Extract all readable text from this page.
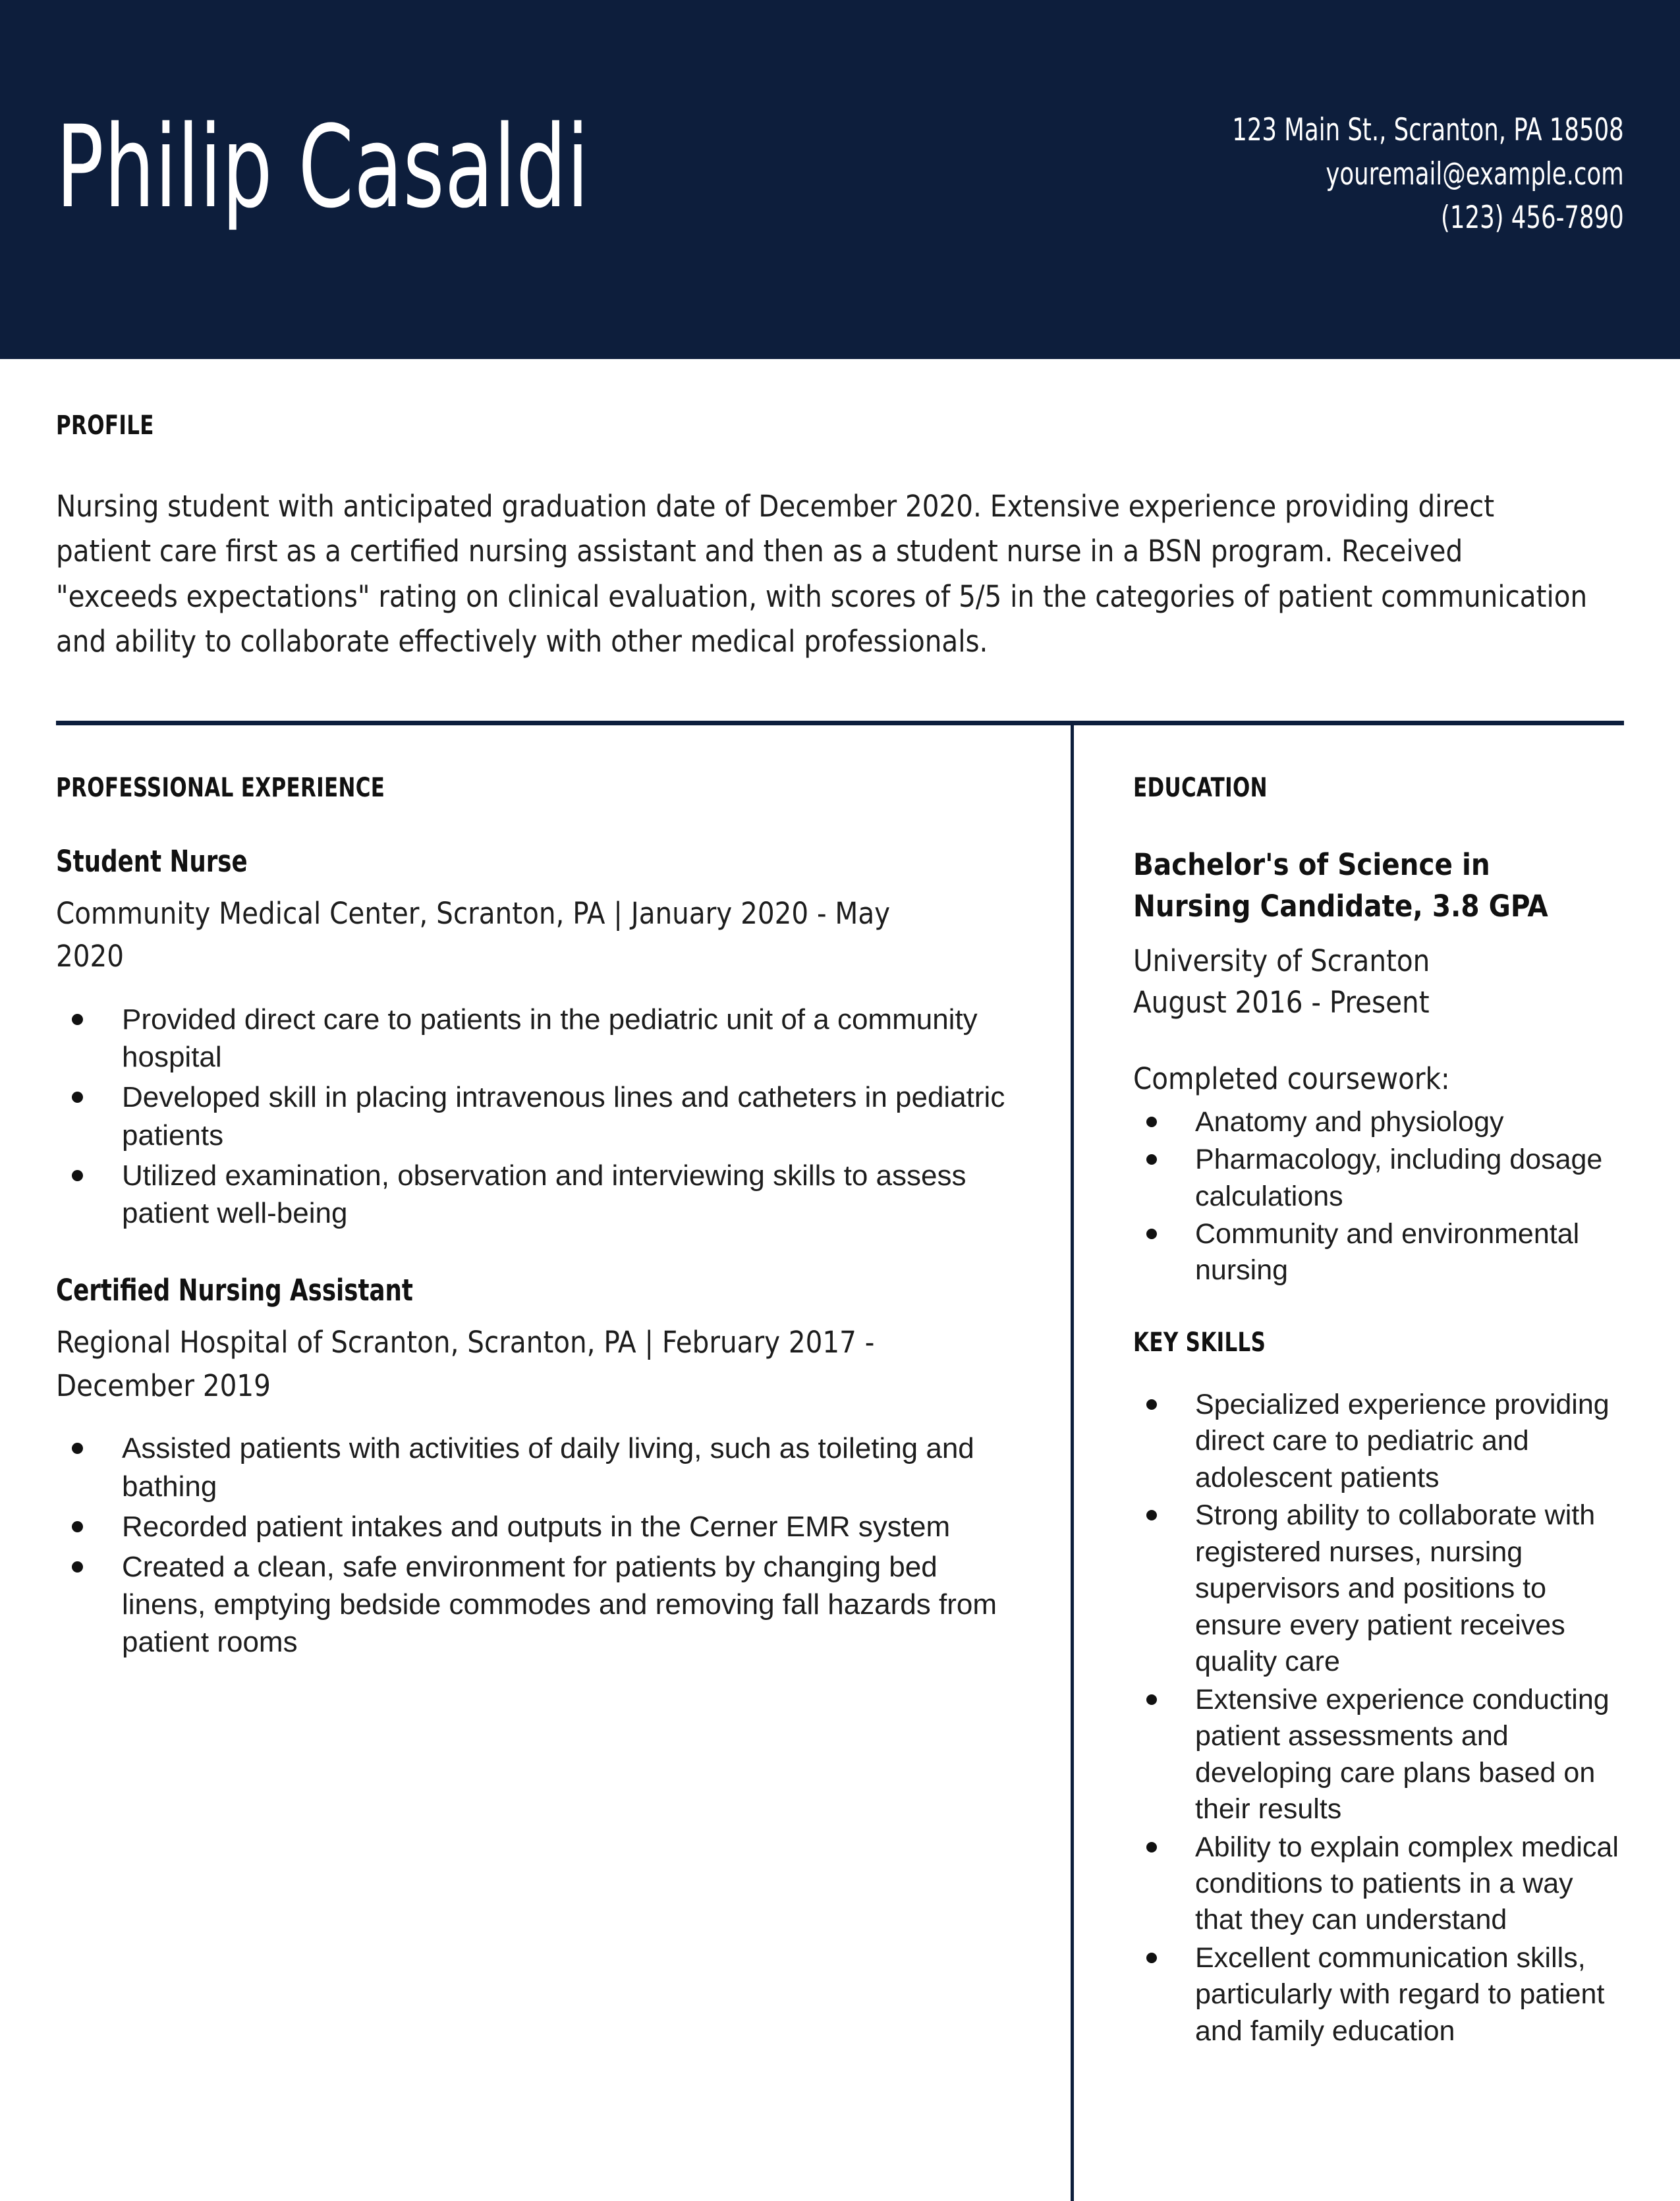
Philip Casaldi	123 Main St., Scranton, PA 18508
youremail@example.com
(123) 456-7890
PROFILE
Nursing student with anticipated graduation date of December 2020. Extensive experience providing direct patient care first as a certified nursing assistant and then as a student nurse in a BSN program. Received "exceeds expectations" rating on clinical evaluation, with scores of 5/5 in the categories of patient communication and ability to collaborate effectively with other medical professionals.
PROFESSIONAL EXPERIENCE
Student Nurse
Community Medical Center, Scranton, PA | January 2020 - May 2020
Provided direct care to patients in the pediatric unit of a community hospital
Developed skill in placing intravenous lines and catheters in pediatric patients
Utilized examination, observation and interviewing skills to assess patient well-being
Certified Nursing Assistant
Regional Hospital of Scranton, Scranton, PA | February 2017 - December 2019
Assisted patients with activities of daily living, such as toileting and bathing
Recorded patient intakes and outputs in the Cerner EMR system
Created a clean, safe environment for patients by changing bed linens, emptying bedside commodes and removing fall hazards from patient rooms
EDUCATION
Bachelor's of Science in Nursing Candidate, 3.8 GPA
University of Scranton
August 2016 - Present
Completed coursework:
Anatomy and physiology
Pharmacology, including dosage calculations
Community and environmental nursing
KEY SKILLS
Specialized experience providing direct care to pediatric and adolescent patients
Strong ability to collaborate with registered nurses, nursing supervisors and positions to ensure every patient receives quality care
Extensive experience conducting patient assessments and developing care plans based on their results
Ability to explain complex medical conditions to patients in a way that they can understand
Excellent communication skills, particularly with regard to patient and family education
